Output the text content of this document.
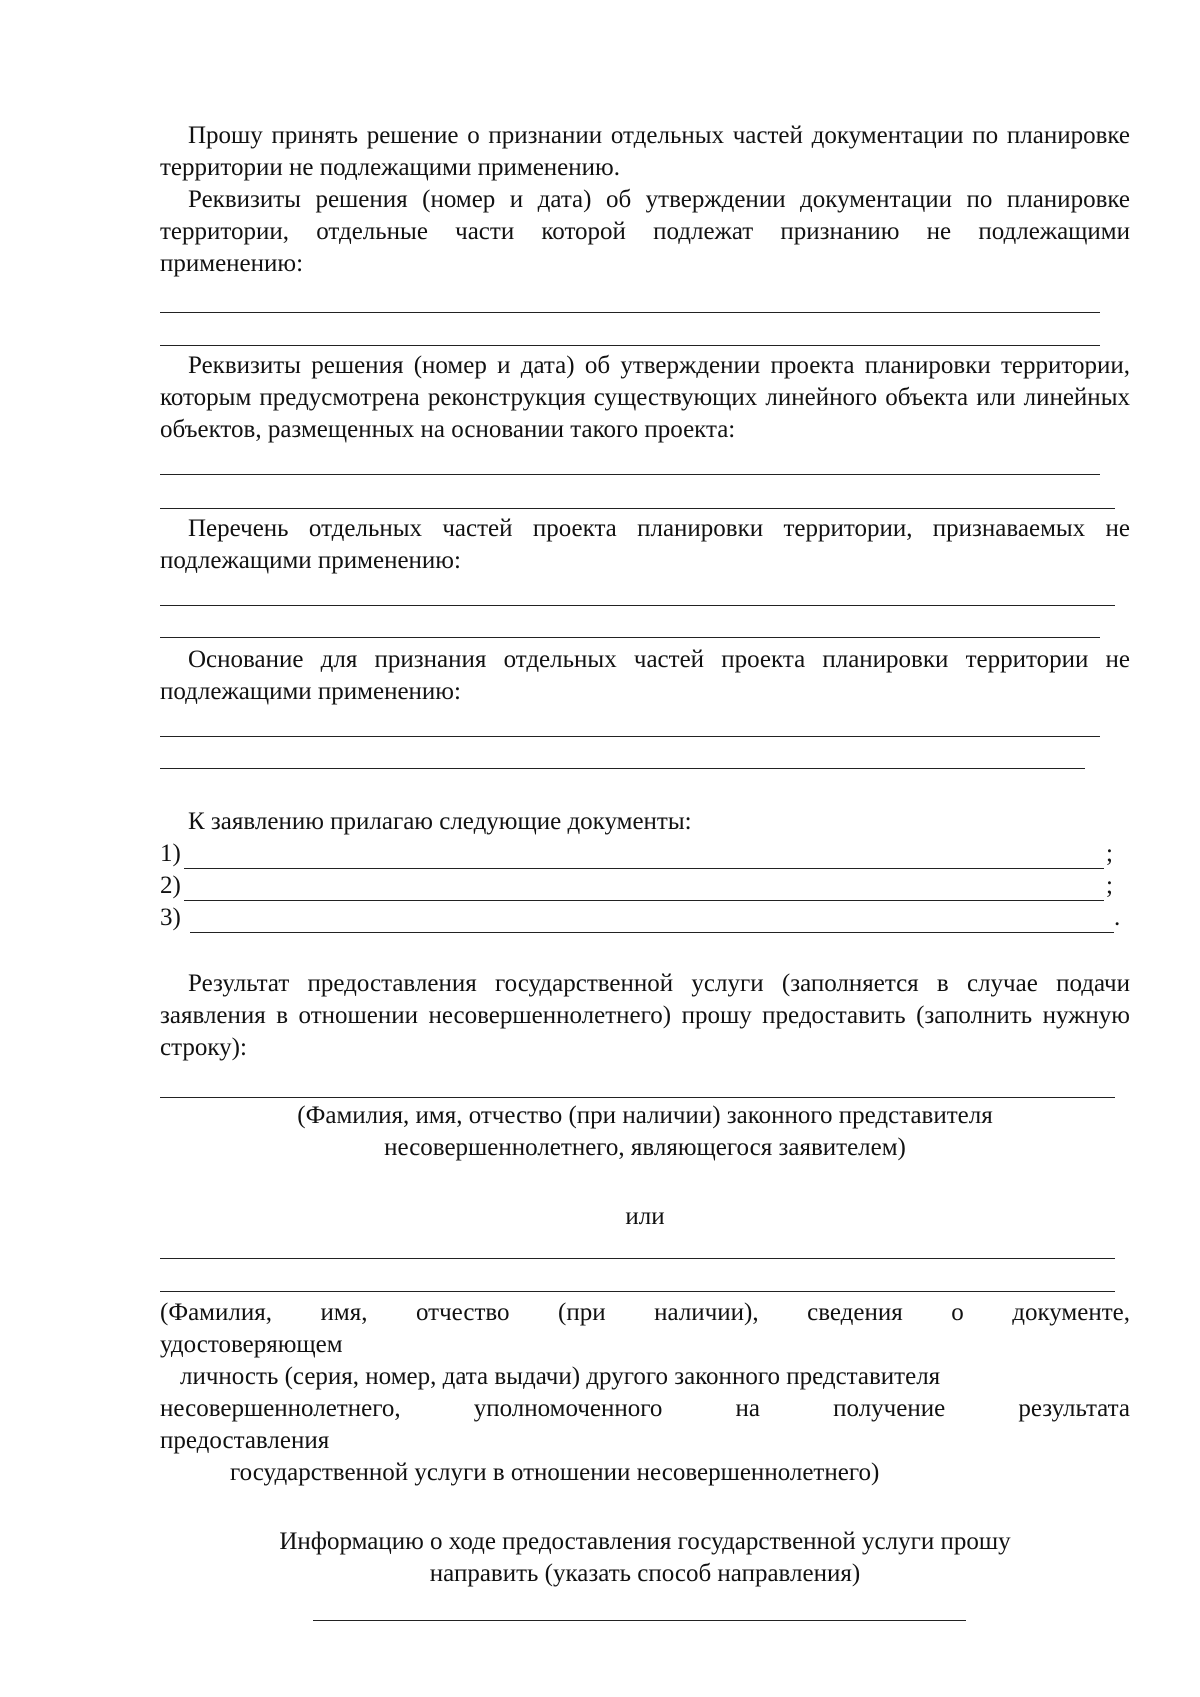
Прошу принять решение о признании отдельных частей документации по планировке территории не подлежащими применению.

Реквизиты решения (номер и дата) об утверждении документации по планировке территории, отдельные части которой подлежат признанию не подлежащими применению:

Реквизиты решения (номер и дата) об утверждении проекта планировки территории, которым предусмотрена реконструкция существующих линейного объекта или линейных объектов, размещенных на основании такого проекта:

Перечень отдельных частей проекта планировки территории, признаваемых не подлежащими применению:

Основание для признания отдельных частей проекта планировки территории не подлежащими применению:

К заявлению прилагаю следующие документы:
1)	;
2)	;
3)	.

Результат предоставления государственной услуги (заполняется в случае подачи заявления в отношении несовершеннолетнего) прошу предоставить (заполнить нужную строку):

(Фамилия, имя, отчество (при наличии) законного представителя
несовершеннолетнего, являющегося заявителем)
или
(Фамилия, имя, отчество (при наличии), сведения о документе,
удостоверяющем
личность (серия, номер, дата выдачи) другого законного представителя
несовершеннолетнего,	уполномоченного	на	получение	результата
предоставления
государственной услуги в отношении несовершеннолетнего)
Информацию о ходе предоставления государственной услуги прошу
направить (указать способ направления)
